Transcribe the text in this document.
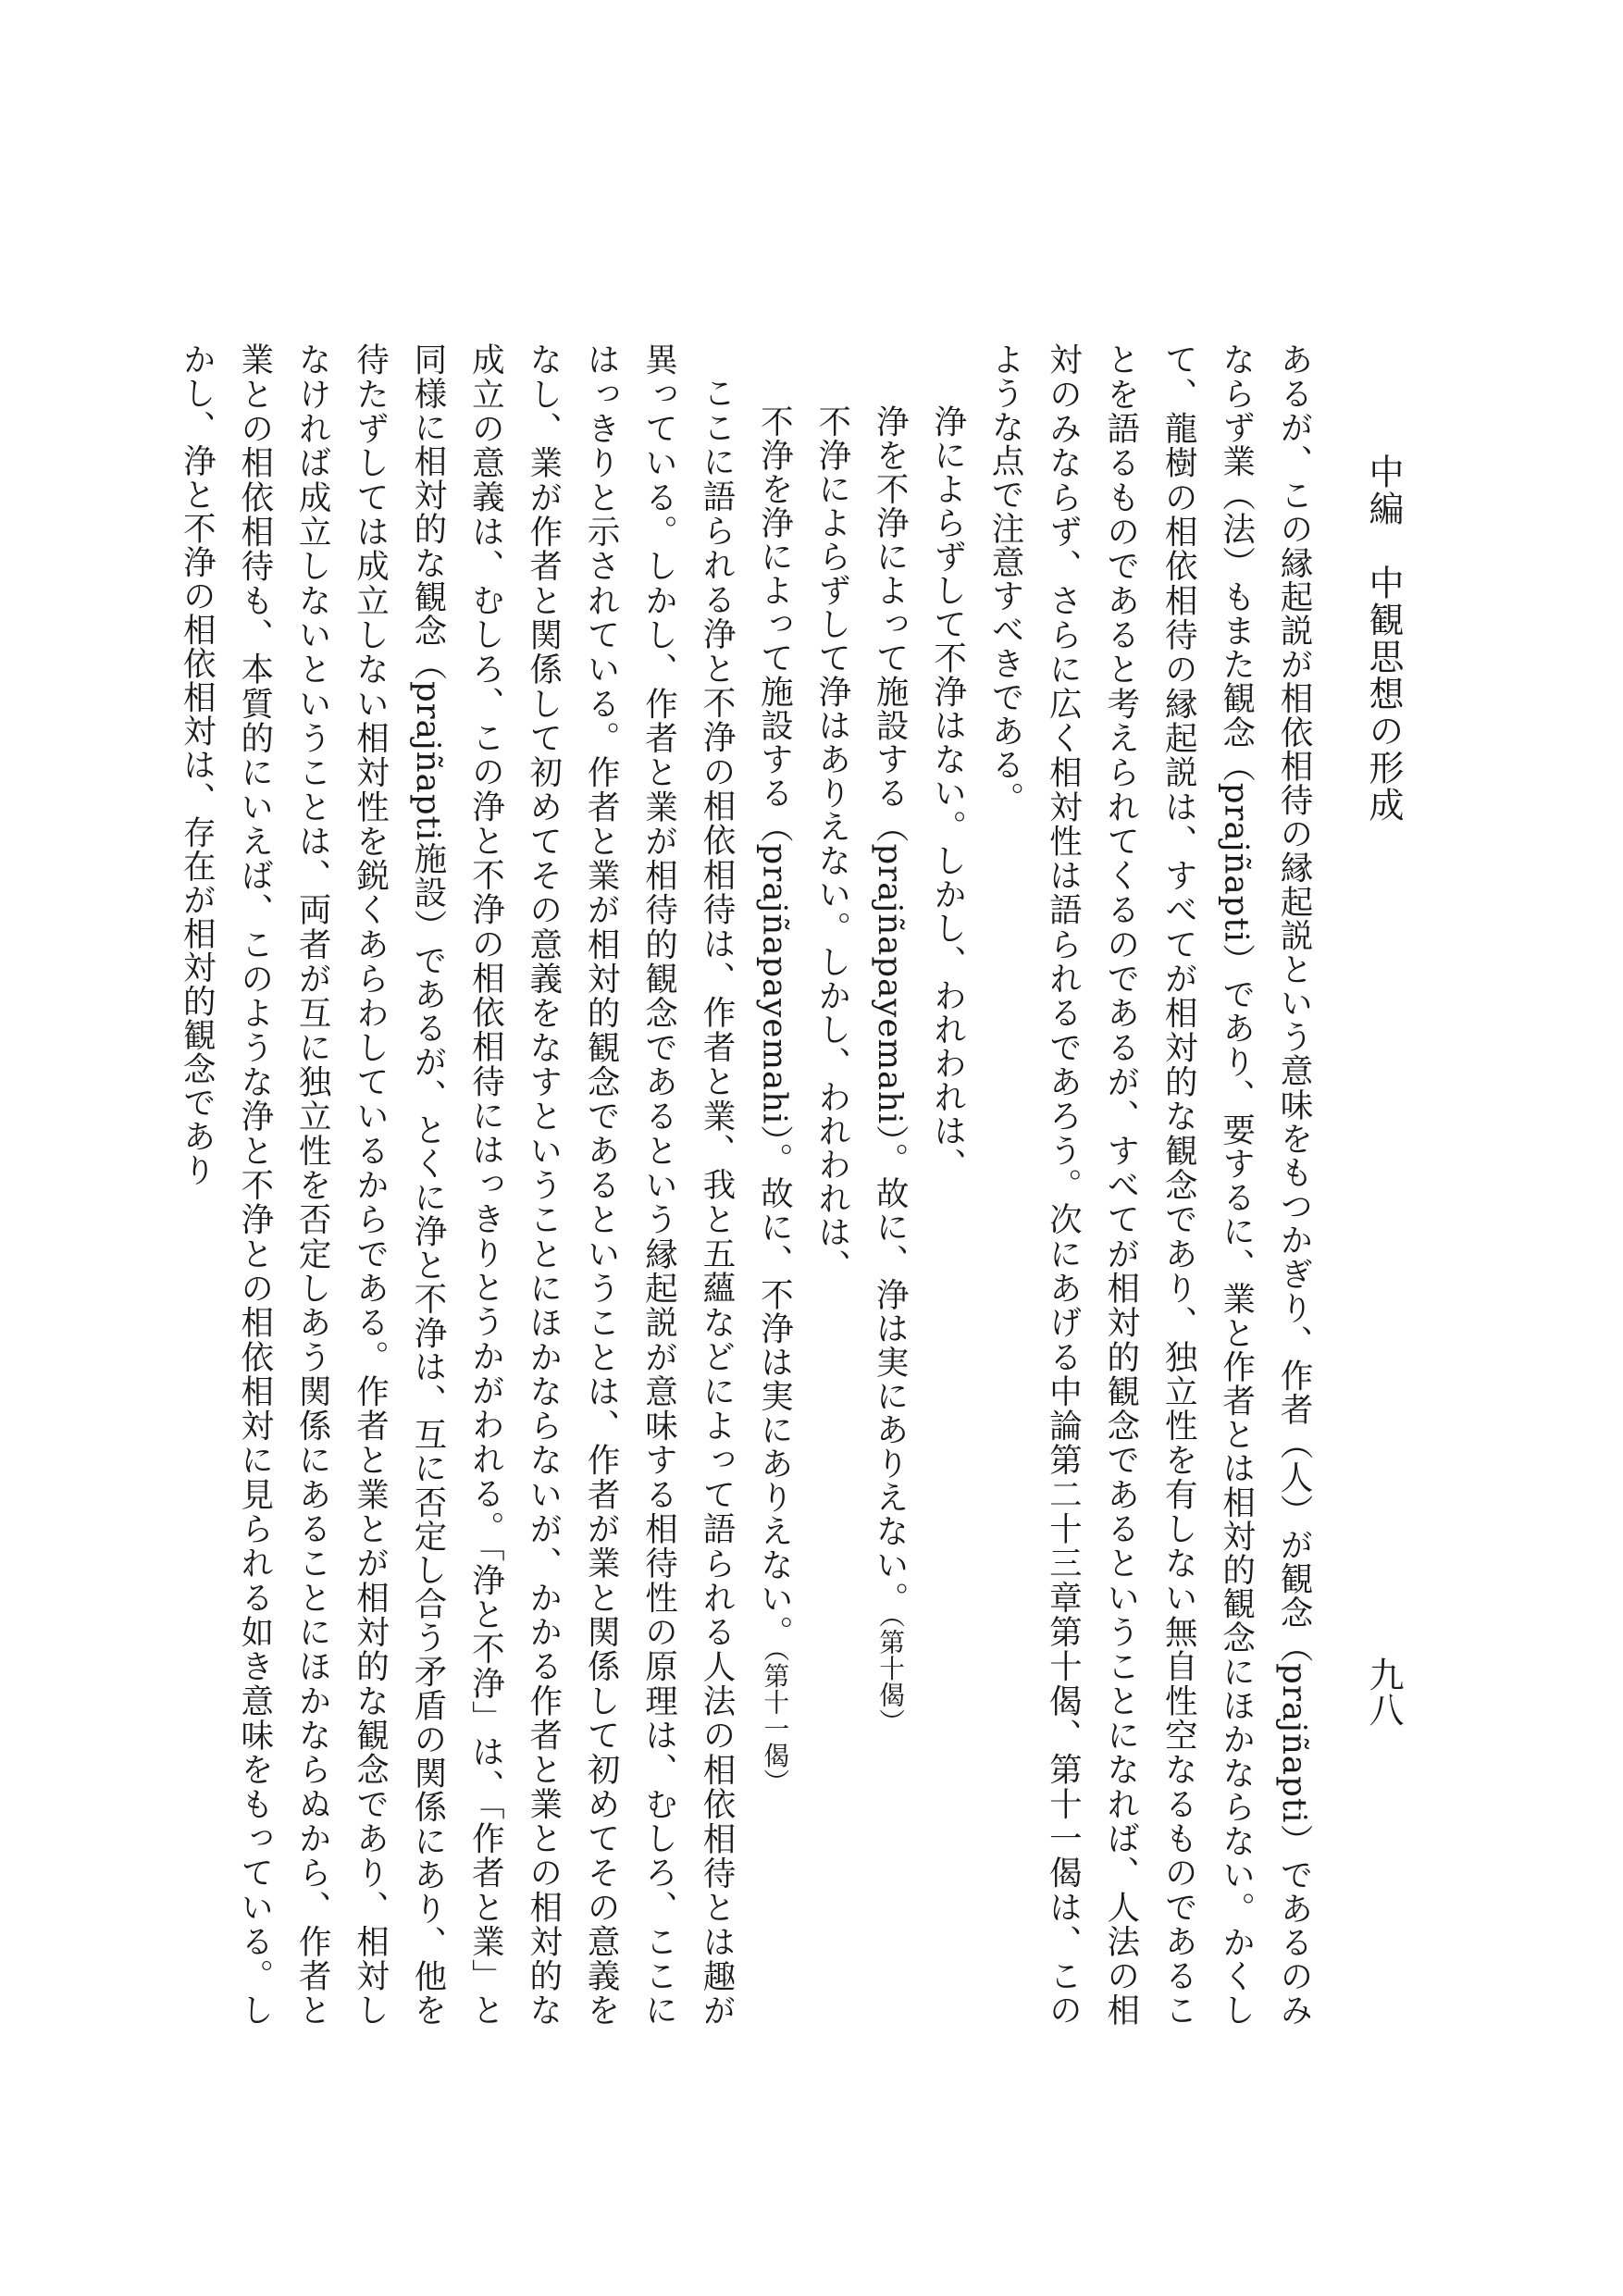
中編中観思想の形成

あるが、この縁起説が相依相待の縁起説という意味をもつかぎり、作者（人）が観念（prajñapti）であるのみならず業（法）もまた観念（prajñapti）であり、要するに、業と作者とは相対的観念にほかならない。かくして、龍樹の相依相待の縁起説は、すべてが相対的な観念であり、独立性を有しない無自性空なるものであることを語るものであると考えられてくるのであるが、すべてが相対的観念であるということになれば、人法の相対のみならず、さらに広く相対性は語られるであろう。次にあげる中論第二十三章第十偈、第十一偈は、このような点で注意すべきである。

浄によらずして不浄はない。しかし、われわれは、
浄を不浄によって施設する（prajñapayemahi）。故に、浄は実にありえない。（第十偈）
不浄によらずして浄はありえない。しかし、われわれは、
不浄を浄によって施設する（prajñapayemahi）。故に、不浄は実にありえない。（第十一偈）

ここに語られる浄と不浄の相依相待は、作者と業、我と五蘊などによって語られる人法の相依相待とは趣が異っている。しかし、作者と業が相待的観念であるという縁起説が意味する相待性の原理は、むしろ、ここにはっきりと示されている。作者と業が相対的観念であるということは、作者が業と関係して初めてその意義をなし、業が作者と関係して初めてその意義をなすということにほかならないが、かかる作者と業との相対的な成立の意義は、むしろ、この浄と不浄の相依相待にはっきりとうかがわれる。「浄と不浄」は、「作者と業」と同様に相対的な観念（prajñapti施設）であるが、とくに浄と不浄は、互に否定し合う矛盾の関係にあり、他を待たずしては成立しない相対性を鋭くあらわしているからである。作者と業とが相対的な観念であり、相対しなければ成立しないということは、両者が互に独立性を否定しあう関係にあることにほかならぬから、作者と業との相依相待も、本質的にいえば、このような浄と不浄との相依相対に見られる如き意味をもっている。しかし、浄と不浄の相依相対は、存在が相対的観念であり

九八
